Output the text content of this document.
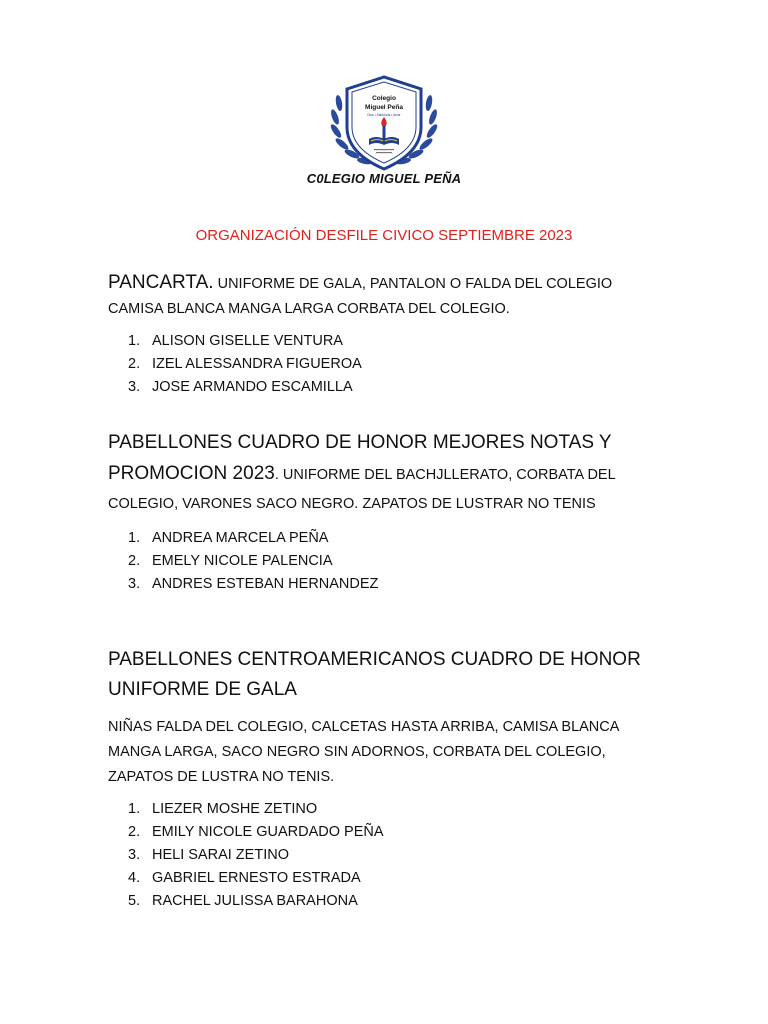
Colegio
Miguel Peña
Dios • Sabiduría • Amor
C0LEGIO MIGUEL PEÑA
ORGANIZACIÓN DESFILE CIVICO SEPTIEMBRE 2023
PANCARTA. UNIFORME DE GALA, PANTALON O FALDA DEL COLEGIO CAMISA BLANCA MANGA LARGA CORBATA DEL COLEGIO.
1. ALISON GISELLE VENTURA
2. IZEL ALESSANDRA FIGUEROA
3. JOSE ARMANDO ESCAMILLA
PABELLONES CUADRO DE HONOR MEJORES NOTAS Y PROMOCION 2023. UNIFORME DEL BACHJLLERATO, CORBATA DEL COLEGIO, VARONES SACO NEGRO. ZAPATOS DE LUSTRAR NO TENIS
1. ANDREA MARCELA PEÑA
2. EMELY NICOLE PALENCIA
3. ANDRES ESTEBAN HERNANDEZ
PABELLONES CENTROAMERICANOS CUADRO DE HONOR UNIFORME DE GALA
NIÑAS FALDA DEL COLEGIO, CALCETAS HASTA ARRIBA, CAMISA BLANCA MANGA LARGA, SACO NEGRO SIN ADORNOS, CORBATA DEL COLEGIO, ZAPATOS DE LUSTRA NO TENIS.
1. LIEZER MOSHE ZETINO
2. EMILY NICOLE GUARDADO PEÑA
3. HELI SARAI ZETINO
4. GABRIEL ERNESTO ESTRADA
5. RACHEL JULISSA BARAHONA
